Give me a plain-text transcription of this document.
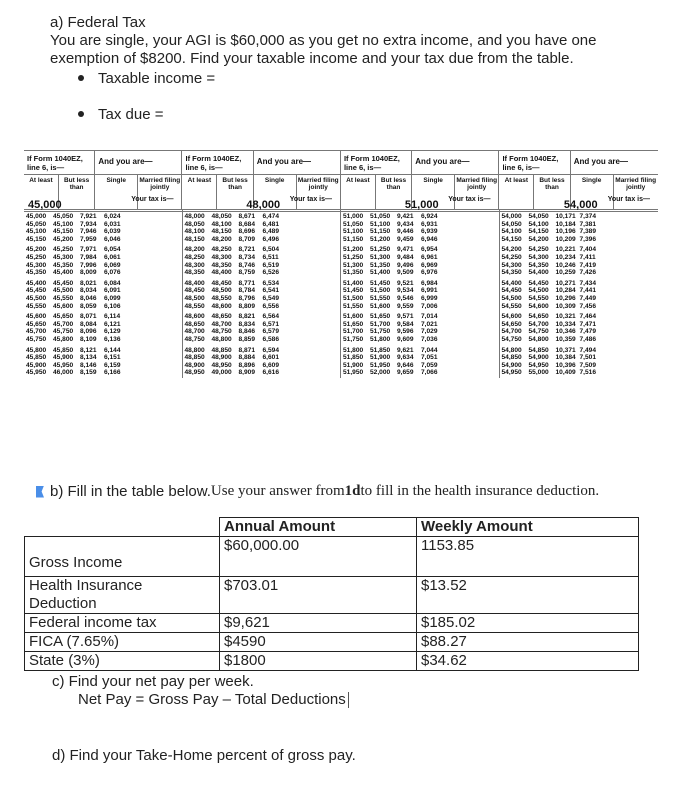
a) Federal Tax
You are single, your AGI is $60,000 as you get no extra income, and you have one
exemption of $8200. Find your taxable income and your tax due from the table.
Taxable income =
Tax due =
If Form 1040EZ, line 6, is—
And you are—	If Form 1040EZ, line 6, is—
And you are—	If Form 1040EZ, line 6, is—
And you are—	If Form 1040EZ, line 6, is—
And you are—
At least	But less than
Single	Married filing jointly
At least	But less than
Single	Married filing jointly
At least	But less than
Single	Married filing jointly
At least	But less than
Single	Married filing jointly
Your tax is—
45,000
45,000	45,050	7,921	6,024
45,050	45,100	7,934	6,031
45,100	45,150	7,946	6,039
45,150	45,200	7,959	6,046
45,200	45,250	7,971	6,054
45,250	45,300	7,984	6,061
45,300	45,350	7,996	6,069
45,350	45,400	8,009	6,076
45,400	45,450	8,021	6,084
45,450	45,500	8,034	6,091
45,500	45,550	8,046	6,099
45,550	45,600	8,059	6,106
45,600	45,650	8,071	6,114
45,650	45,700	8,084	6,121
45,700	45,750	8,096	6,129
45,750	45,800	8,109	6,136
45,800	45,850	8,121	6,144
45,850	45,900	8,134	6,151
45,900	45,950	8,146	6,159
45,950	46,000	8,159	6,166
Your tax is—
48,000
48,000	48,050	8,671	6,474
48,050	48,100	8,684	6,481
48,100	48,150	8,696	6,489
48,150	48,200	8,709	6,496
48,200	48,250	8,721	6,504
48,250	48,300	8,734	6,511
48,300	48,350	8,746	6,519
48,350	48,400	8,759	6,526
48,400	48,450	8,771	6,534
48,450	48,500	8,784	6,541
48,500	48,550	8,796	6,549
48,550	48,600	8,809	6,556
48,600	48,650	8,821	6,564
48,650	48,700	8,834	6,571
48,700	48,750	8,846	6,579
48,750	48,800	8,859	6,586
48,800	48,850	8,871	6,594
48,850	48,900	8,884	6,601
48,900	48,950	8,896	6,609
48,950	49,000	8,909	6,616
Your tax is—
51,000
51,000	51,050	9,421	6,924
51,050	51,100	9,434	6,931
51,100	51,150	9,446	6,939
51,150	51,200	9,459	6,946
51,200	51,250	9,471	6,954
51,250	51,300	9,484	6,961
51,300	51,350	9,496	6,969
51,350	51,400	9,509	6,976
51,400	51,450	9,521	6,984
51,450	51,500	9,534	6,991
51,500	51,550	9,546	6,999
51,550	51,600	9,559	7,006
51,600	51,650	9,571	7,014
51,650	51,700	9,584	7,021
51,700	51,750	9,596	7,029
51,750	51,800	9,609	7,036
51,800	51,850	9,621	7,044
51,850	51,900	9,634	7,051
51,900	51,950	9,646	7,059
51,950	52,000	9,659	7,066
Your tax is—
54,000
54,000	54,050	10,171 7,374
54,050	54,100	10,184 7,381
54,100	54,150	10,196 7,389
54,150	54,200	10,209 7,396
54,200	54,250	10,221 7,404
54,250	54,300	10,234 7,411
54,300	54,350	10,246 7,419
54,350	54,400	10,259 7,426
54,400	54,450	10,271 7,434
54,450	54,500	10,284 7,441
54,500	54,550	10,296 7,449
54,550	54,600	10,309 7,456
54,600	54,650	10,321 7,464
54,650	54,700	10,334 7,471
54,700	54,750	10,346 7,479
54,750	54,800	10,359 7,486
54,800	54,850	10,371 7,494
54,850	54,900	10,384 7,501
54,900	54,950	10,396 7,509
54,950	55,000	10,409 7,516
b) Fill in the table below. Use your answer from 1d to fill in the health insurance deduction.
	Annual Amount	Weekly Amount
Gross Income	$60,000.00	1153.85
Health Insurance
Deduction	$703.01	$13.52
Federal income tax	$9,621	$185.02
FICA (7.65%)	$4590	$88.27
State (3%)	$1800	$34.62
c) Find your net pay per week.
Net Pay = Gross Pay – Total Deductions
d) Find your Take-Home percent of gross pay.
